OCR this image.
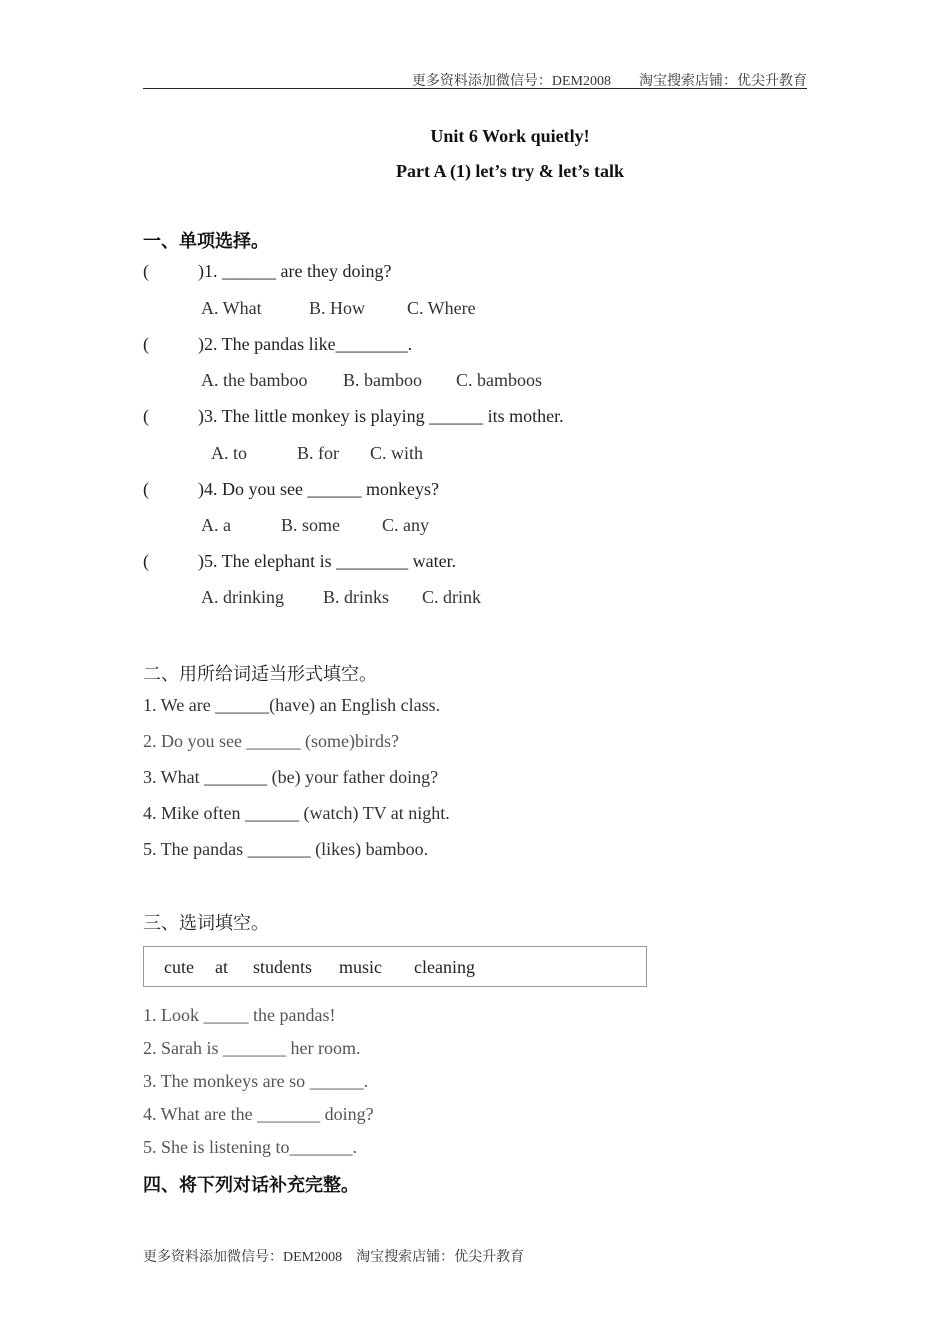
更多资料添加微信号：DEM2008　　淘宝搜索店铺：优尖升教育
Unit 6 Work quietly!
Part A (1) let’s try & let’s talk
一、单项选择。
(	)1. ______ are they doing?
A. What	B. How C. Where
(	)2. The pandas like________.
A. the bamboo B. bamboo C. bamboos
(	)3. The little monkey is playing ______ its mother.
A. to	B. for C. with
(	)4. Do you see ______ monkeys?
A. a	B. some C. any
(	)5. The elephant is ________ water.
A. drinking B. drinks C. drink
二、用所给词适当形式填空。
1. We are ______(have) an English class.
2. Do you see ______ (some)birds?
3. What _______ (be) your father doing?
4. Mike often ______ (watch) TV at night.
5. The pandas _______ (likes) bamboo.
三、选词填空。
cute at students music cleaning
1. Look _____ the pandas!
2. Sarah is _______ her room.
3. The monkeys are so ______.
4. What are the _______ doing?
5. She is listening to_______.
四、将下列对话补充完整。
更多资料添加微信号：DEM2008　淘宝搜索店铺：优尖升教育
